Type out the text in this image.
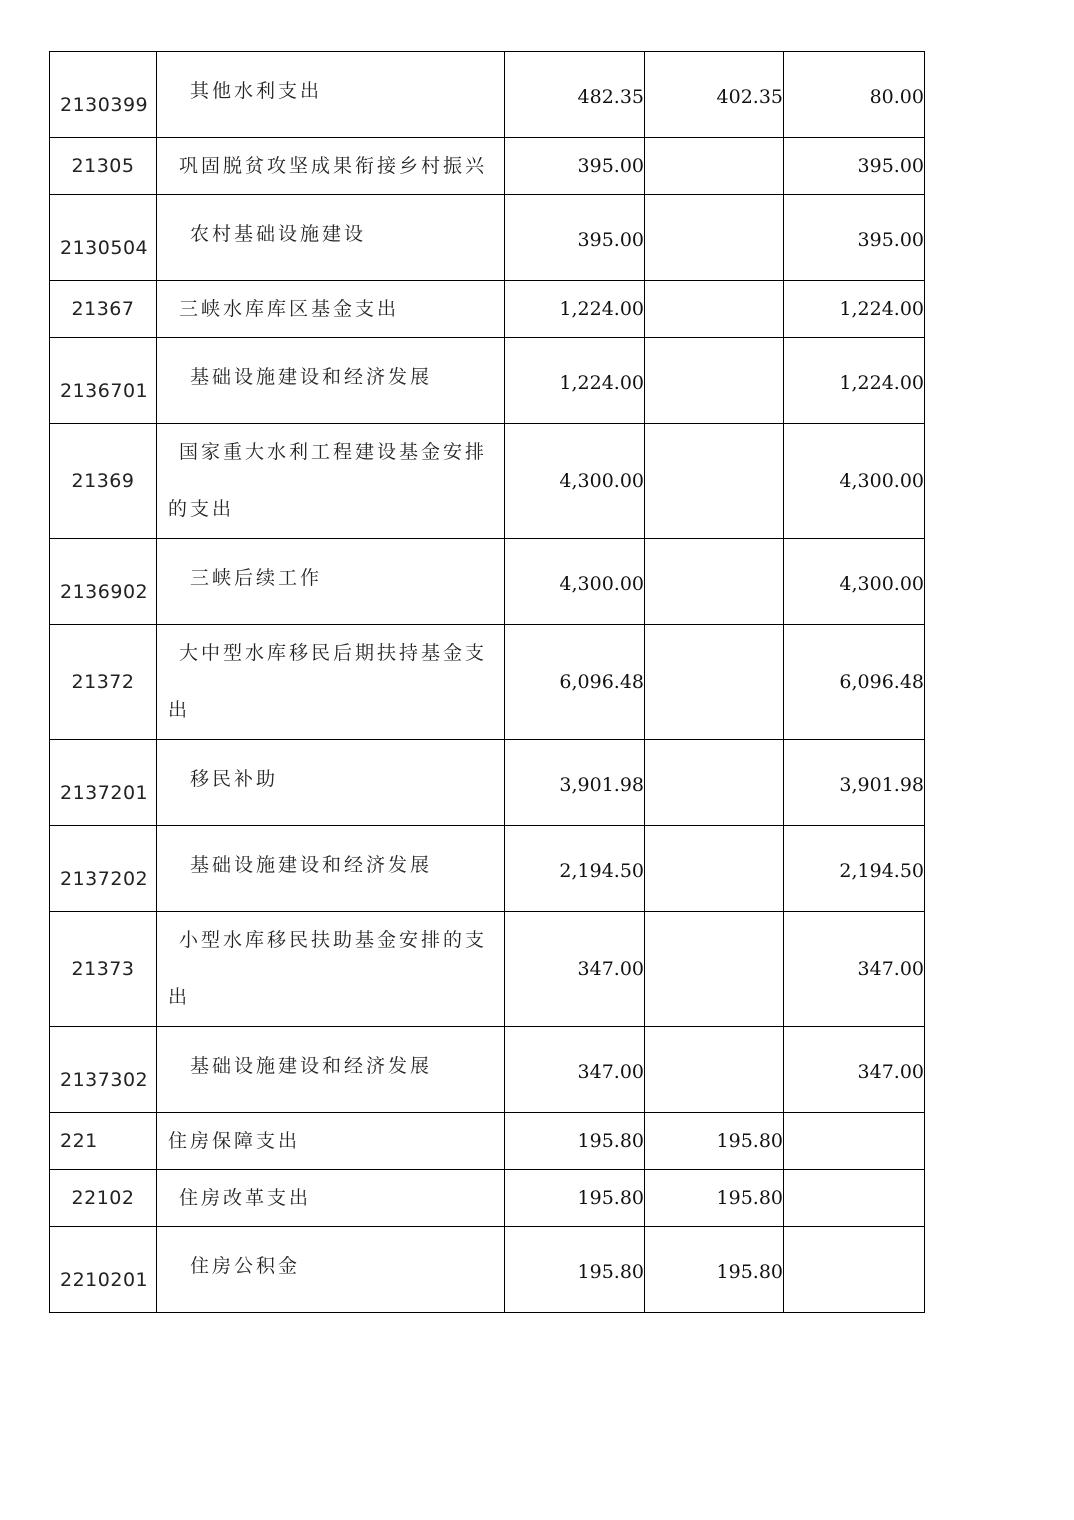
2130399	其他水利支出	482.35	402.35	80.00
21305	巩固脱贫攻坚成果衔接乡村振兴	395.00		395.00
2130504	农村基础设施建设	395.00		395.00
21367	三峡水库库区基金支出	1,224.00		1,224.00
2136701	基础设施建设和经济发展	1,224.00		1,224.00
21369	国家重大水利工程建设基金安排的支出	4,300.00		4,300.00
2136902	三峡后续工作	4,300.00		4,300.00
21372	大中型水库移民后期扶持基金支出	6,096.48		6,096.48
2137201	移民补助	3,901.98		3,901.98
2137202	基础设施建设和经济发展	2,194.50		2,194.50
21373	小型水库移民扶助基金安排的支出	347.00		347.00
2137302	基础设施建设和经济发展	347.00		347.00
221	住房保障支出	195.80	195.80	
22102	住房改革支出	195.80	195.80	
2210201	住房公积金	195.80	195.80	
